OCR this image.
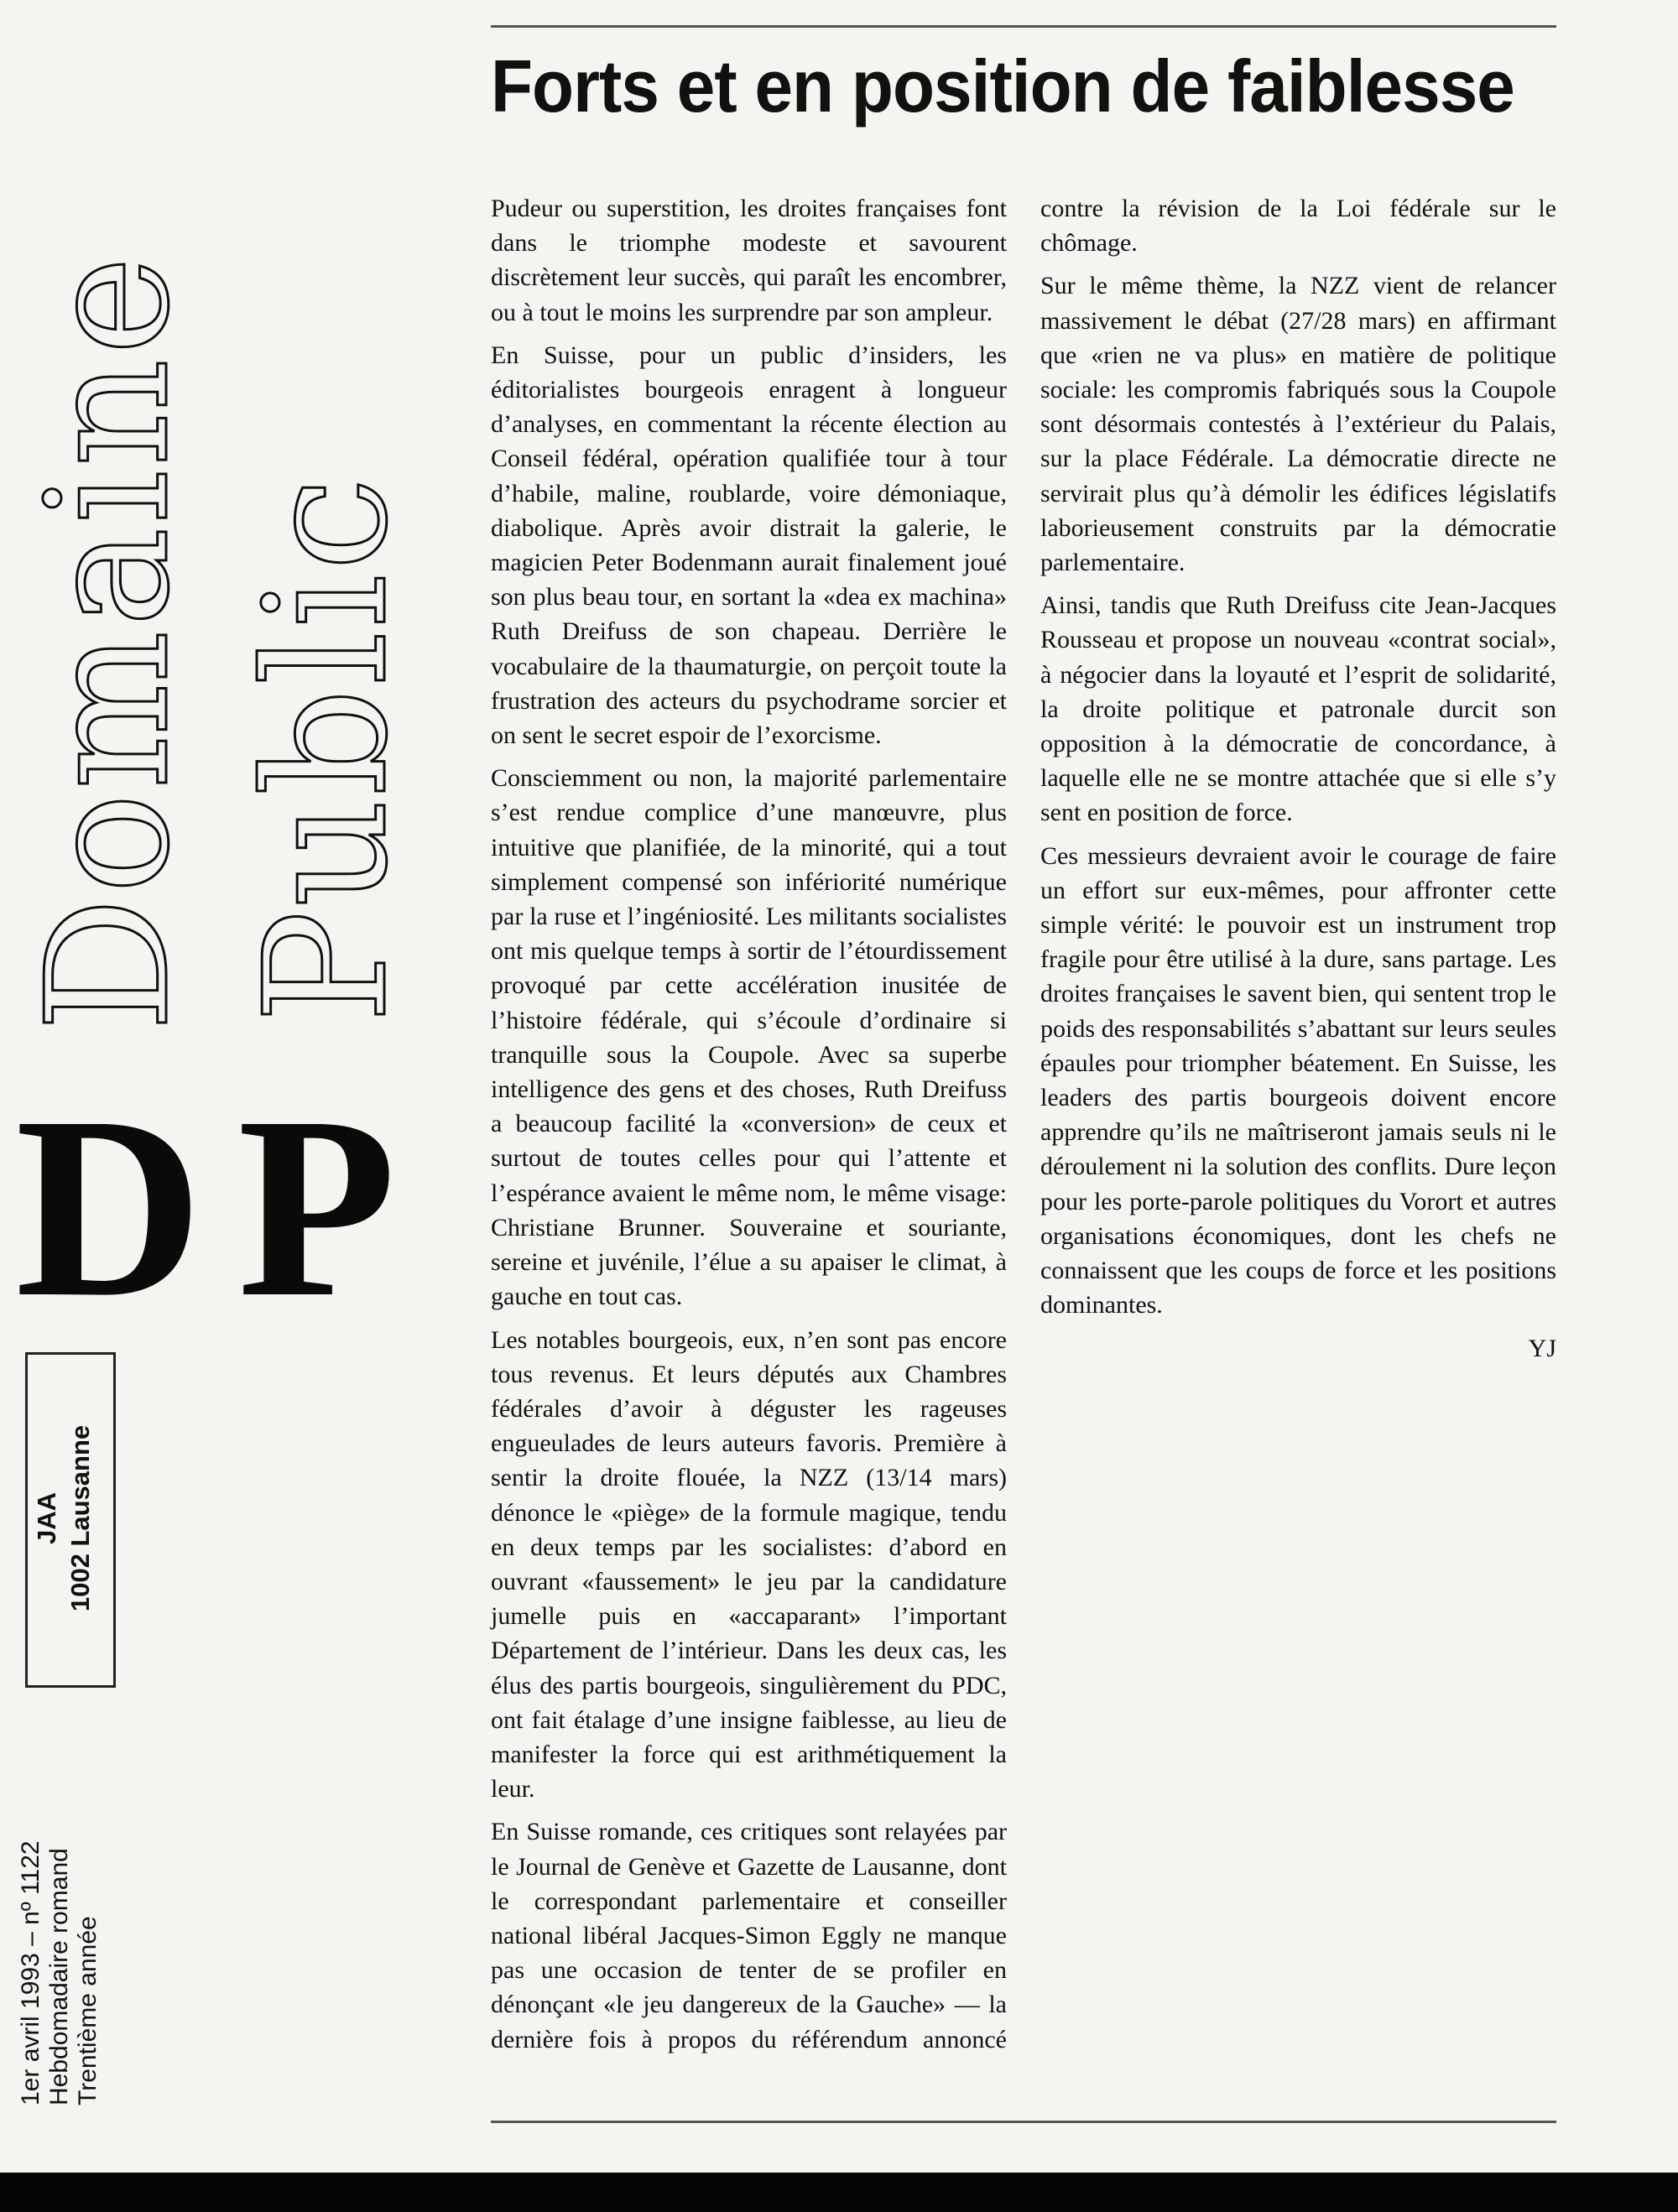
Domaine Public
D P
JAA 1002 Lausanne
1er avril 1993 – nº 1122 Hebdomadaire romand Trentième année
Forts et en position de faiblesse

Pudeur ou superstition, les droites françaises font dans le triomphe modeste et savourent discrètement leur succès, qui paraît les encombrer, ou à tout le moins les surprendre par son ampleur.

En Suisse, pour un public d’insiders, les éditorialistes bourgeois enragent à longueur d’analyses, en commentant la récente élection au Conseil fédéral, opération qualifiée tour à tour d’habile, maline, roublarde, voire démoniaque, diabolique. Après avoir distrait la galerie, le magicien Peter Bodenmann aurait finalement joué son plus beau tour, en sortant la «dea ex machina» Ruth Dreifuss de son chapeau. Derrière le vocabulaire de la thaumaturgie, on perçoit toute la frustration des acteurs du psychodrame sorcier et on sent le secret espoir de l’exorcisme.

Consciemment ou non, la majorité parlementaire s’est rendue complice d’une manœuvre, plus intuitive que planifiée, de la minorité, qui a tout simplement compensé son infériorité numérique par la ruse et l’ingéniosité. Les militants socialistes ont mis quelque temps à sortir de l’étourdissement provoqué par cette accélération inusitée de l’histoire fédérale, qui s’écoule d’ordinaire si tranquille sous la Coupole. Avec sa superbe intelligence des gens et des choses, Ruth Dreifuss a beaucoup facilité la «conversion» de ceux et surtout de toutes celles pour qui l’attente et l’espérance avaient le même nom, le même visage: Christiane Brunner. Souveraine et souriante, sereine et juvénile, l’élue a su apaiser le climat, à gauche en tout cas.

Les notables bourgeois, eux, n’en sont pas encore tous revenus. Et leurs députés aux Chambres fédérales d’avoir à déguster les rageuses engueulades de leurs auteurs favoris. Première à sentir la droite flouée, la NZZ (13/14 mars) dénonce le «piège» de la formule magique, tendu en deux temps par les socialistes: d’abord en ouvrant «faussement» le jeu par la candidature jumelle puis en «accaparant» l’important Département de l’intérieur. Dans les deux cas, les élus des partis bourgeois, singulièrement du PDC, ont fait étalage d’une insigne faiblesse, au lieu de manifester la force qui est arithmétiquement la leur.

En Suisse romande, ces critiques sont relayées par le Journal de Genève et Gazette de Lausanne, dont le correspondant parlementaire et conseiller national libéral Jacques-Simon Eggly ne manque pas une occasion de tenter de se profiler en dénonçant «le jeu dangereux de la Gauche» — la dernière fois à propos du référendum annoncé contre la révision de la Loi fédérale sur le chômage.

Sur le même thème, la NZZ vient de relancer massivement le débat (27/28 mars) en affirmant que «rien ne va plus» en matière de politique sociale: les compromis fabriqués sous la Coupole sont désormais contestés à l’extérieur du Palais, sur la place Fédérale. La démocratie directe ne servirait plus qu’à démolir les édifices législatifs laborieusement construits par la démocratie parlementaire.

Ainsi, tandis que Ruth Dreifuss cite Jean-Jacques Rousseau et propose un nouveau «contrat social», à négocier dans la loyauté et l’esprit de solidarité, la droite politique et patronale durcit son opposition à la démocratie de concordance, à laquelle elle ne se montre attachée que si elle s’y sent en position de force.

Ces messieurs devraient avoir le courage de faire un effort sur eux-mêmes, pour affronter cette simple vérité: le pouvoir est un instrument trop fragile pour être utilisé à la dure, sans partage. Les droites françaises le savent bien, qui sentent trop le poids des responsabilités s’abattant sur leurs seules épaules pour triompher béatement. En Suisse, les leaders des partis bourgeois doivent encore apprendre qu’ils ne maîtriseront jamais seuls ni le déroulement ni la solution des conflits. Dure leçon pour les porte-parole politiques du Vorort et autres organisations économiques, dont les chefs ne connaissent que les coups de force et les positions dominantes.

YJ
